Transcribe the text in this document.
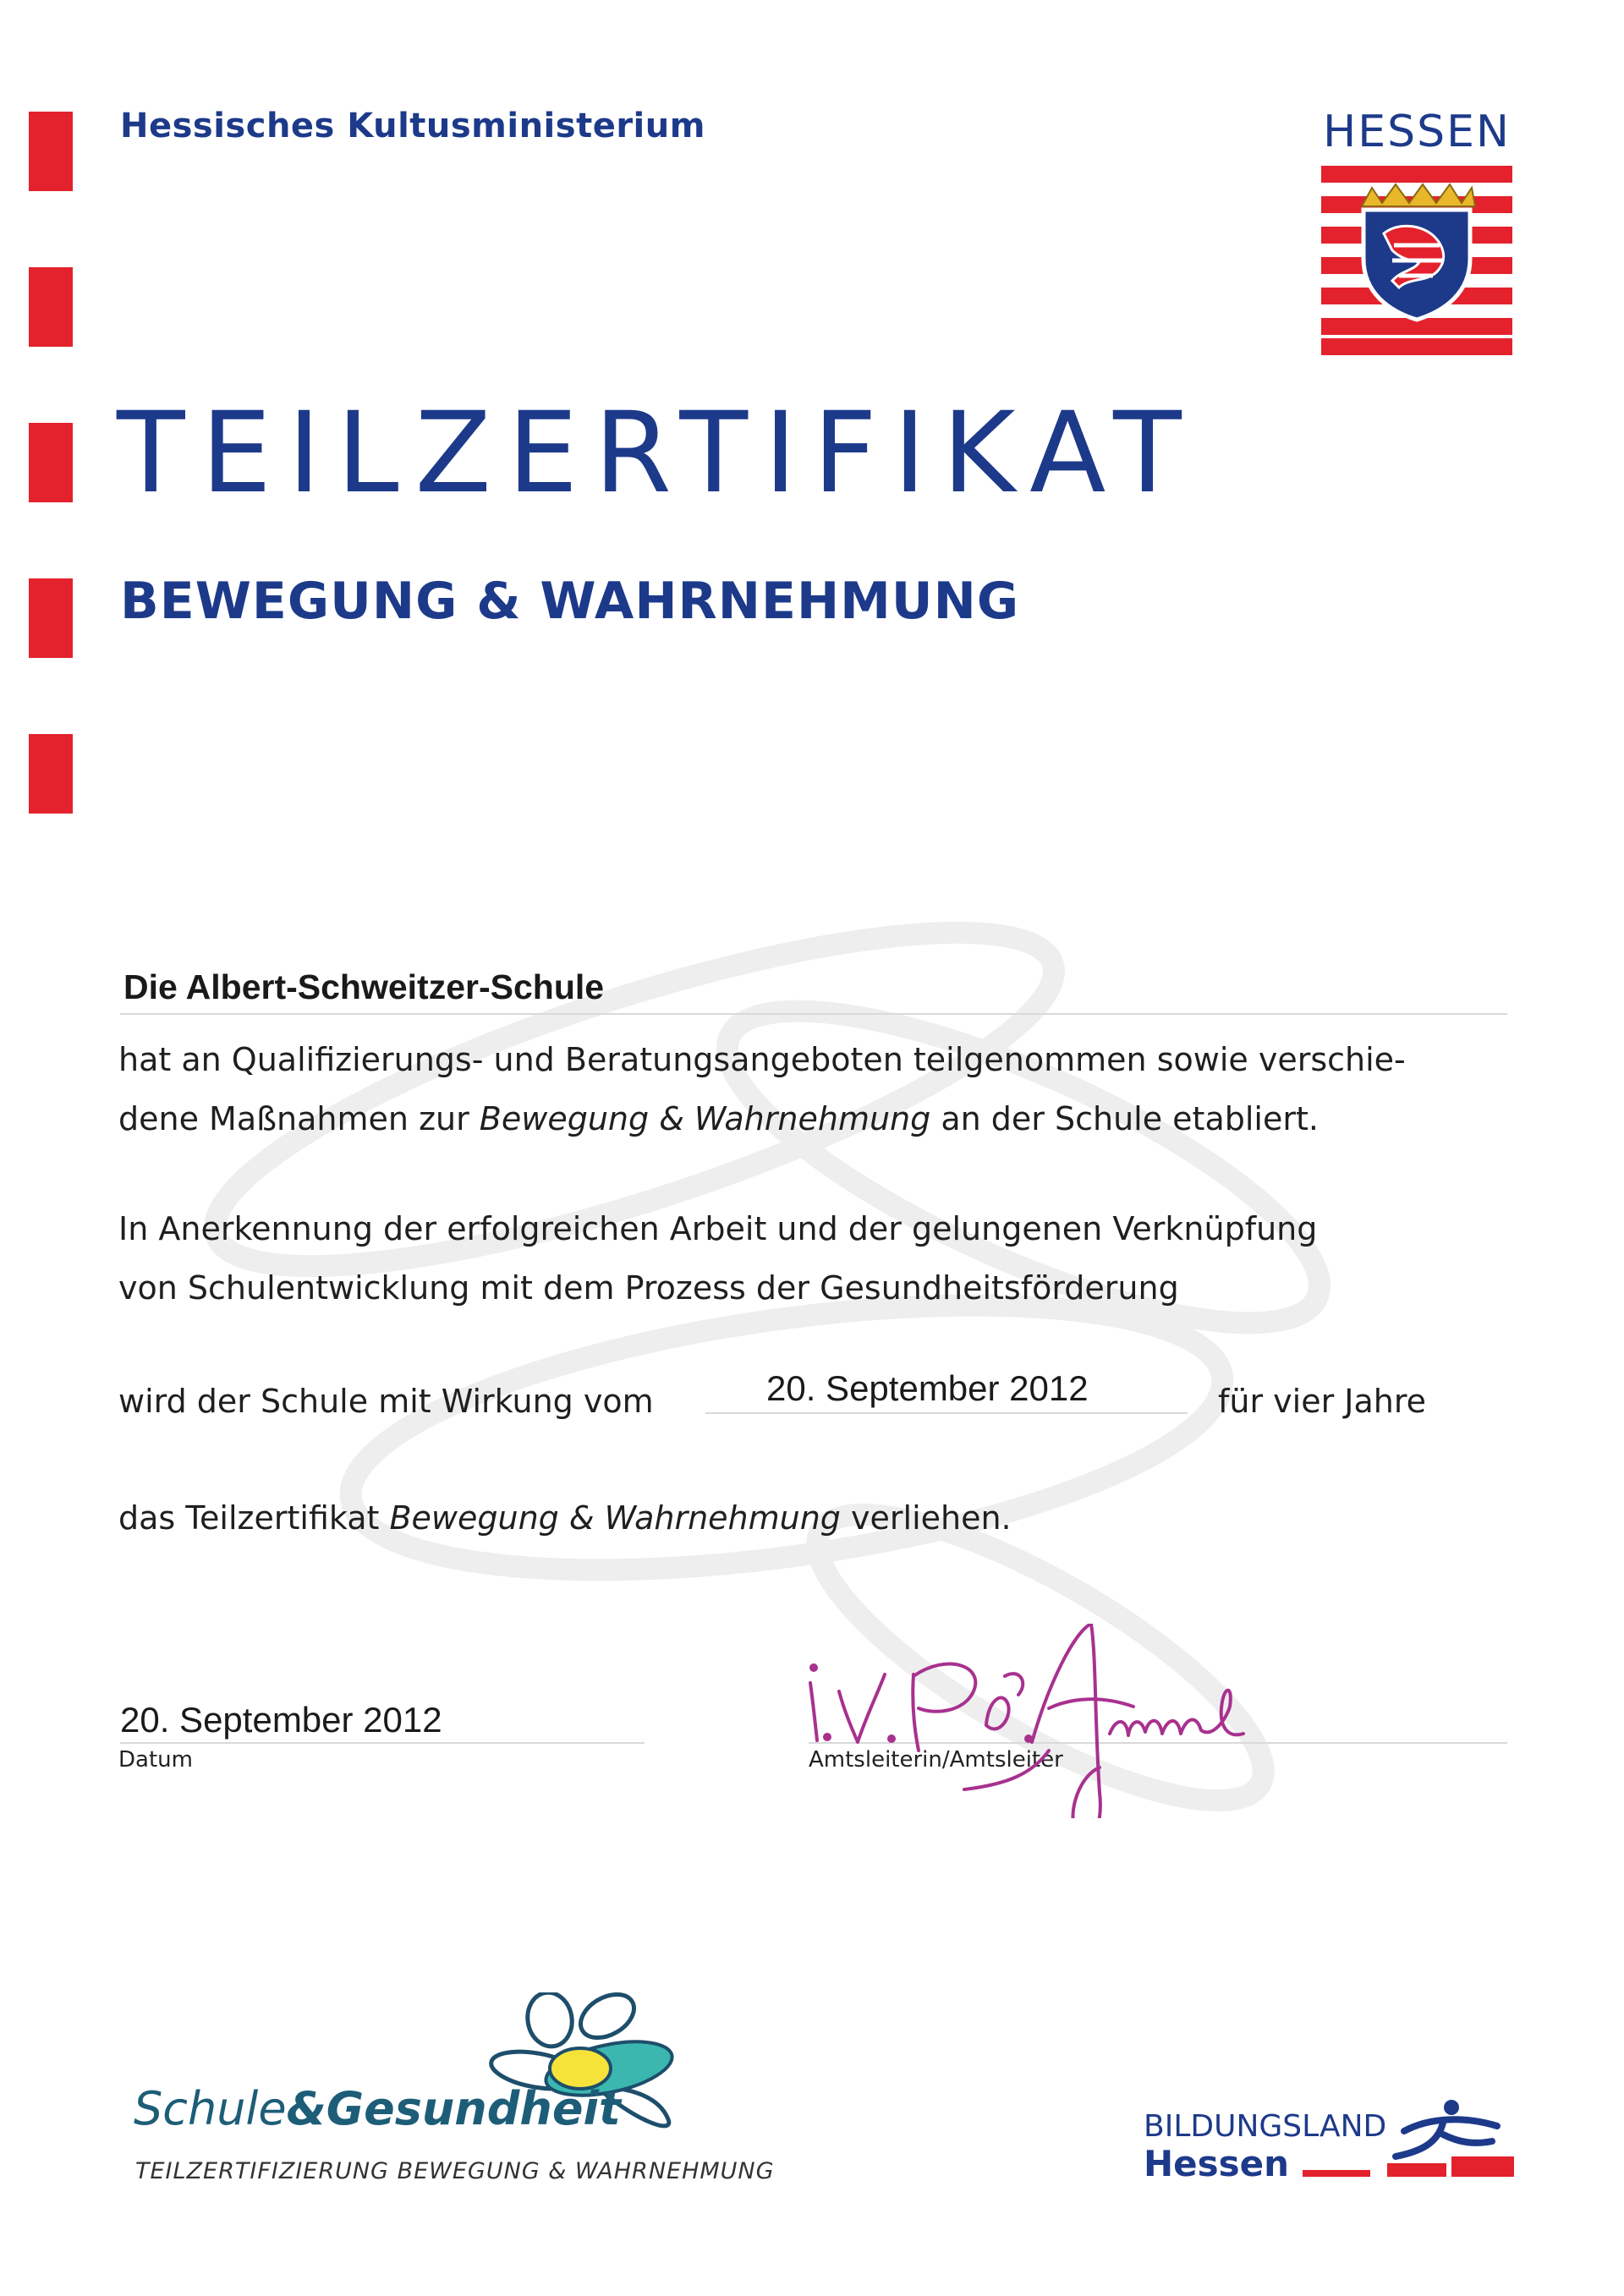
Hessisches Kultusministerium	HESSEN
TEILZERTIFIKAT
BEWEGUNG & WAHRNEHMUNG
Die Albert-Schweitzer-Schule
hat an Qualifizierungs- und Beratungsangeboten teilgenommen sowie verschie-
dene Maßnahmen zur Bewegung & Wahrnehmung an der Schule etabliert.
In Anerkennung der erfolgreichen Arbeit und der gelungenen Verknüpfung
von Schulentwicklung mit dem Prozess der Gesundheitsförderung
wird der Schule mit Wirkung vom	20. September 2012	für vier Jahre
das Teilzertifikat Bewegung & Wahrnehmung verliehen.
20. September 2012
Datum	Amtsleiterin/Amtsleiter
Schule&Gesundheit
TEILZERTIFIZIERUNG BEWEGUNG & WAHRNEHMUNG
BILDUNGSLAND
Hessen
